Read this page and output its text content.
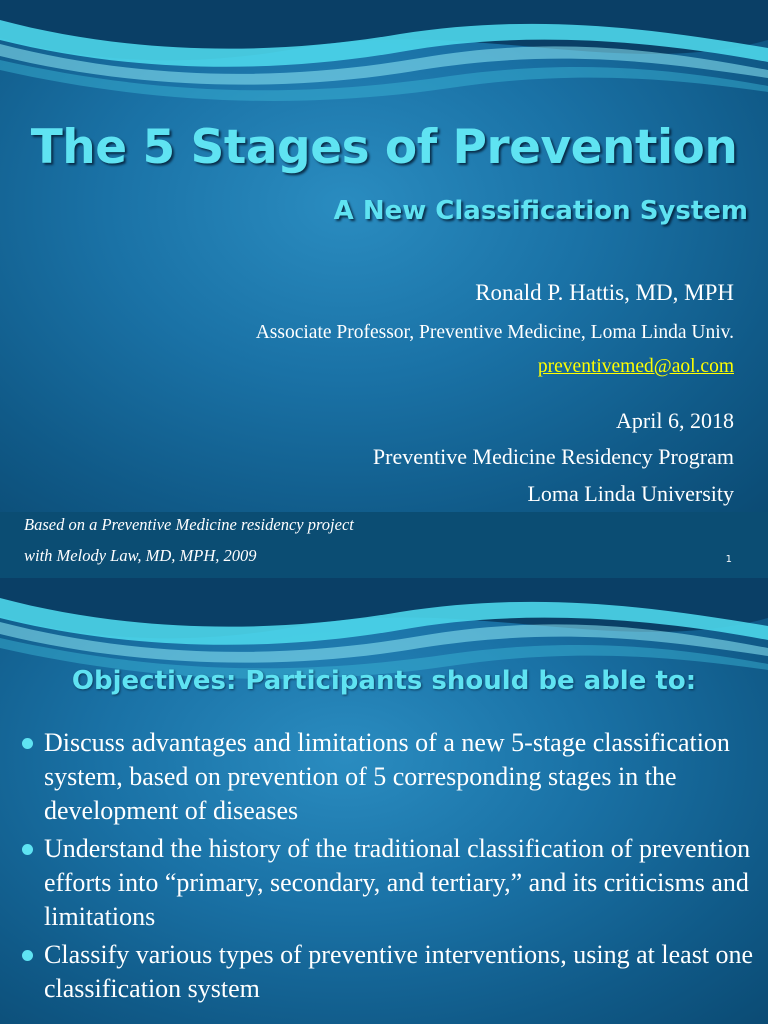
The 5 Stages of Prevention
A New Classification System
Ronald P. Hattis, MD, MPH
Associate Professor, Preventive Medicine, Loma Linda Univ.
preventivemed@aol.com
April 6, 2018
Preventive Medicine Residency Program
Loma Linda University
Based on a Preventive Medicine residency project
with Melody Law, MD, MPH, 2009	1
Objectives: Participants should be able to:
Discuss advantages and limitations of a new 5-stage classification system, based on prevention of 5 corresponding stages in the development of diseases
Understand the history of the traditional classification of prevention efforts into “primary, secondary, and tertiary,” and its criticisms and limitations
Classify various types of preventive interventions, using at least one classification system
